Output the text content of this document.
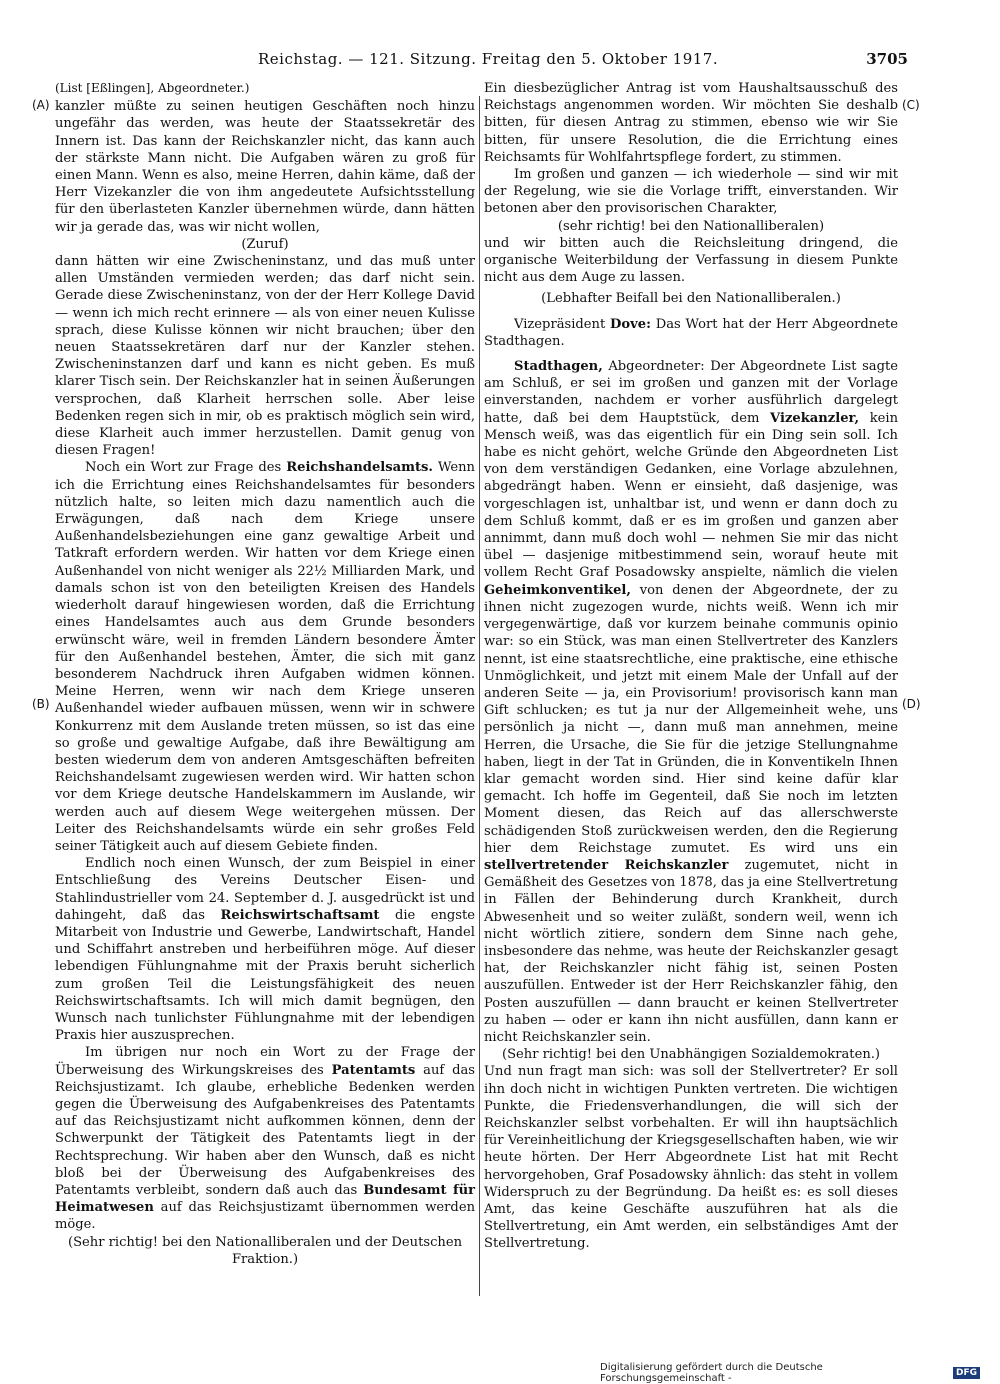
Reichstag. — 121. Sitzung. Freitag den 5. Oktober 1917.	3705
(A)
(B)
(C)
(D)

(List [Eßlingen], Abgeordneter.)

kanzler müßte zu seinen heutigen Geschäften noch hinzu ungefähr das werden, was heute der Staatssekretär des Innern ist. Das kann der Reichskanzler nicht, das kann auch der stärkste Mann nicht. Die Aufgaben wären zu groß für einen Mann. Wenn es also, meine Herren, dahin käme, daß der Herr Vizekanzler die von ihm angedeutete Aufsichtsstellung für den überlasteten Kanzler übernehmen würde, dann hätten wir ja gerade das, was wir nicht wollen,

(Zuruf)

dann hätten wir eine Zwischeninstanz, und das muß unter allen Umständen vermieden werden; das darf nicht sein. Gerade diese Zwischeninstanz, von der der Herr Kollege David — wenn ich mich recht erinnere — als von einer neuen Kulisse sprach, diese Kulisse können wir nicht brauchen; über den neuen Staatssekretären darf nur der Kanzler stehen. Zwischeninstanzen darf und kann es nicht geben. Es muß klarer Tisch sein. Der Reichskanzler hat in seinen Äußerungen versprochen, daß Klarheit herrschen solle. Aber leise Bedenken regen sich in mir, ob es praktisch möglich sein wird, diese Klarheit auch immer herzustellen. Damit genug von diesen Fragen!

Noch ein Wort zur Frage des Reichshandelsamts. Wenn ich die Errichtung eines Reichshandelsamtes für besonders nützlich halte, so leiten mich dazu namentlich auch die Erwägungen, daß nach dem Kriege unsere Außenhandelsbeziehungen eine ganz gewaltige Arbeit und Tatkraft erfordern werden. Wir hatten vor dem Kriege einen Außenhandel von nicht weniger als 22½ Milliarden Mark, und damals schon ist von den beteiligten Kreisen des Handels wiederholt darauf hingewiesen worden, daß die Errichtung eines Handelsamtes auch aus dem Grunde besonders erwünscht wäre, weil in fremden Ländern besondere Ämter für den Außenhandel bestehen, Ämter, die sich mit ganz besonderem Nachdruck ihren Aufgaben widmen können. Meine Herren, wenn wir nach dem Kriege unseren Außenhandel wieder aufbauen müssen, wenn wir in schwere Konkurrenz mit dem Auslande treten müssen, so ist das eine so große und gewaltige Aufgabe, daß ihre Bewältigung am besten wiederum dem von anderen Amtsgeschäften befreiten Reichshandelsamt zugewiesen werden wird. Wir hatten schon vor dem Kriege deutsche Handelskammern im Auslande, wir werden auch auf diesem Wege weitergehen müssen. Der Leiter des Reichshandelsamts würde ein sehr großes Feld seiner Tätigkeit auch auf diesem Gebiete finden.

Endlich noch einen Wunsch, der zum Beispiel in einer Entschließung des Vereins Deutscher Eisen- und Stahlindustrieller vom 24. September d. J. ausgedrückt ist und dahingeht, daß das Reichswirtschaftsamt die engste Mitarbeit von Industrie und Gewerbe, Landwirtschaft, Handel und Schiffahrt anstreben und herbeiführen möge. Auf dieser lebendigen Fühlungnahme mit der Praxis beruht sicherlich zum großen Teil die Leistungsfähigkeit des neuen Reichswirtschaftsamts. Ich will mich damit begnügen, den Wunsch nach tunlichster Fühlungnahme mit der lebendigen Praxis hier auszusprechen.

Im übrigen nur noch ein Wort zu der Frage der Überweisung des Wirkungskreises des Patentamts auf das Reichsjustizamt. Ich glaube, erhebliche Bedenken werden gegen die Überweisung des Aufgabenkreises des Patentamts auf das Reichsjustizamt nicht aufkommen können, denn der Schwerpunkt der Tätigkeit des Patentamts liegt in der Rechtsprechung. Wir haben aber den Wunsch, daß es nicht bloß bei der Überweisung des Aufgabenkreises des Patentamts verbleibt, sondern daß auch das Bundesamt für Heimatwesen auf das Reichsjustizamt übernommen werden möge.

(Sehr richtig! bei den Nationalliberalen und der Deutschen Fraktion.)

Ein diesbezüglicher Antrag ist vom Haushaltsausschuß des Reichstags angenommen worden. Wir möchten Sie deshalb bitten, für diesen Antrag zu stimmen, ebenso wie wir Sie bitten, für unsere Resolution, die die Errichtung eines Reichsamts für Wohlfahrtspflege fordert, zu stimmen.

Im großen und ganzen — ich wiederhole — sind wir mit der Regelung, wie sie die Vorlage trifft, einverstanden. Wir betonen aber den provisorischen Charakter,

(sehr richtig! bei den Nationalliberalen)

und wir bitten auch die Reichsleitung dringend, die organische Weiterbildung der Verfassung in diesem Punkte nicht aus dem Auge zu lassen.

(Lebhafter Beifall bei den Nationalliberalen.)

Vizepräsident Dove: Das Wort hat der Herr Abgeordnete Stadthagen.

Stadthagen, Abgeordneter: Der Abgeordnete List sagte am Schluß, er sei im großen und ganzen mit der Vorlage einverstanden, nachdem er vorher ausführlich dargelegt hatte, daß bei dem Hauptstück, dem Vizekanzler, kein Mensch weiß, was das eigentlich für ein Ding sein soll. Ich habe es nicht gehört, welche Gründe den Abgeordneten List von dem verständigen Gedanken, eine Vorlage abzulehnen, abgedrängt haben. Wenn er einsieht, daß dasjenige, was vorgeschlagen ist, unhaltbar ist, und wenn er dann doch zu dem Schluß kommt, daß er es im großen und ganzen aber annimmt, dann muß doch wohl — nehmen Sie mir das nicht übel — dasjenige mitbestimmend sein, worauf heute mit vollem Recht Graf Posadowsky anspielte, nämlich die vielen Geheimkonventikel, von denen der Abgeordnete, der zu ihnen nicht zugezogen wurde, nichts weiß. Wenn ich mir vergegenwärtige, daß vor kurzem beinahe communis opinio war: so ein Stück, was man einen Stellvertreter des Kanzlers nennt, ist eine staatsrechtliche, eine praktische, eine ethische Unmöglichkeit, und jetzt mit einem Male der Unfall auf der anderen Seite — ja, ein Provisorium! provisorisch kann man Gift schlucken; es tut ja nur der Allgemeinheit wehe, uns persönlich ja nicht —, dann muß man annehmen, meine Herren, die Ursache, die Sie für die jetzige Stellungnahme haben, liegt in der Tat in Gründen, die in Konventikeln Ihnen klar gemacht worden sind. Hier sind keine dafür klar gemacht. Ich hoffe im Gegenteil, daß Sie noch im letzten Moment diesen, das Reich auf das allerschwerste schädigenden Stoß zurückweisen werden, den die Regierung hier dem Reichstage zumutet. Es wird uns ein stellvertretender Reichskanzler zugemutet, nicht in Gemäßheit des Gesetzes von 1878, das ja eine Stellvertretung in Fällen der Behinderung durch Krankheit, durch Abwesenheit und so weiter zuläßt, sondern weil, wenn ich nicht wörtlich zitiere, sondern dem Sinne nach gehe, insbesondere das nehme, was heute der Reichskanzler gesagt hat, der Reichskanzler nicht fähig ist, seinen Posten auszufüllen. Entweder ist der Herr Reichskanzler fähig, den Posten auszufüllen — dann braucht er keinen Stellvertreter zu haben — oder er kann ihn nicht ausfüllen, dann kann er nicht Reichskanzler sein.

(Sehr richtig! bei den Unabhängigen Sozialdemokraten.)

Und nun fragt man sich: was soll der Stellvertreter? Er soll ihn doch nicht in wichtigen Punkten vertreten. Die wichtigen Punkte, die Friedensverhandlungen, die will sich der Reichskanzler selbst vorbehalten. Er will ihn hauptsächlich für Vereinheitlichung der Kriegsgesellschaften haben, wie wir heute hörten. Der Herr Abgeordnete List hat mit Recht hervorgehoben, Graf Posadowsky ähnlich: das steht in vollem Widerspruch zu der Begründung. Da heißt es: es soll dieses Amt, das keine Geschäfte auszuführen hat als die Stellvertretung, ein Amt werden, ein selbständiges Amt der Stellvertretung.

Digitalisierung gefördert durch die Deutsche Forschungsgemeinschaft -	DFG
